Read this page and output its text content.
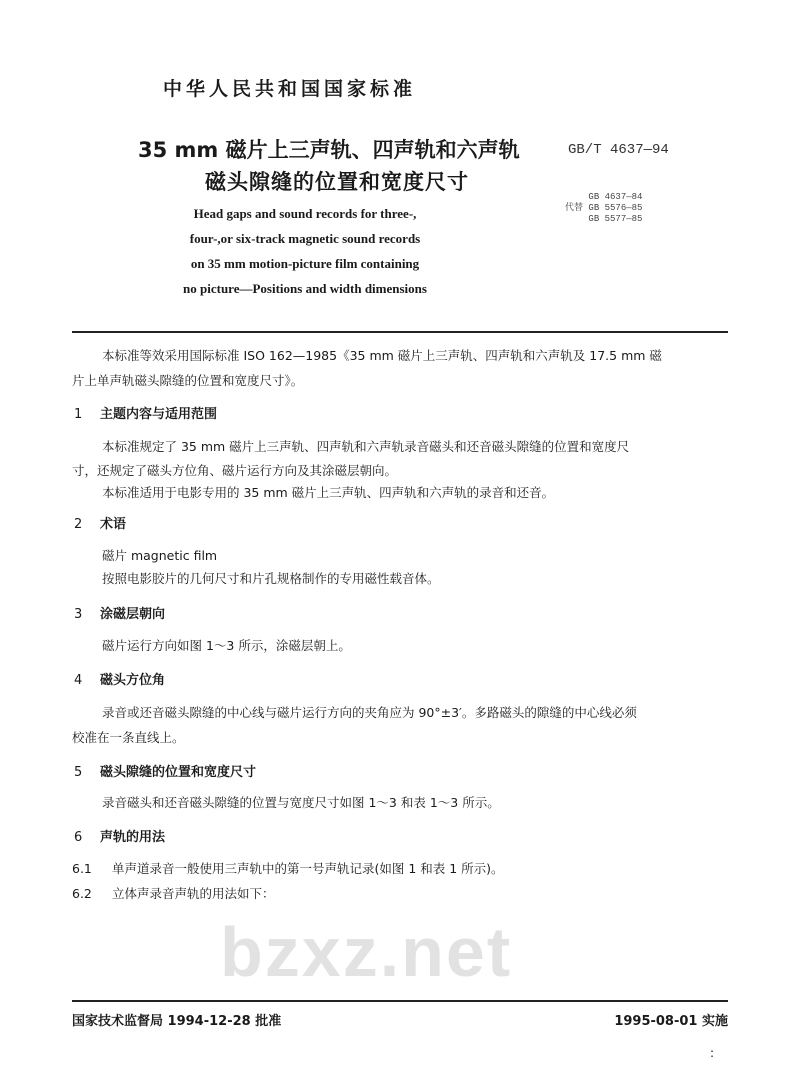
bzxz.net
中华人民共和国国家标准
35 mm 磁片上三声轨、四声轨和六声轨
磁头隙缝的位置和宽度尺寸
GB/T 4637—94
GB 4637—84
代替 GB 5576—85
GB 5577—85
Head gaps and sound records for three-,
four-,or six-track magnetic sound records
on 35 mm motion-picture film containing
no picture—Positions and width dimensions
本标准等效采用国际标准 ISO 162—1985《35 mm 磁片上三声轨、四声轨和六声轨及 17.5 mm 磁
片上单声轨磁头隙缝的位置和宽度尺寸》。
1 主题内容与适用范围
本标准规定了 35 mm 磁片上三声轨、四声轨和六声轨录音磁头和还音磁头隙缝的位置和宽度尺
寸，还规定了磁头方位角、磁片运行方向及其涂磁层朝向。
本标准适用于电影专用的 35 mm 磁片上三声轨、四声轨和六声轨的录音和还音。
2 术语
磁片 magnetic film
按照电影胶片的几何尺寸和片孔规格制作的专用磁性载音体。
3 涂磁层朝向
磁片运行方向如图 1～3 所示，涂磁层朝上。
4 磁头方位角
录音或还音磁头隙缝的中心线与磁片运行方向的夹角应为 90°±3′。多路磁头的隙缝的中心线必须
校准在一条直线上。
5 磁头隙缝的位置和宽度尺寸
录音磁头和还音磁头隙缝的位置与宽度尺寸如图 1～3 和表 1～3 所示。
6 声轨的用法
6.1 单声道录音一般使用三声轨中的第一号声轨记录(如图 1 和表 1 所示)。
6.2 立体声录音声轨的用法如下：
国家技术监督局 1994-12-28 批准	1995-08-01 实施
:
